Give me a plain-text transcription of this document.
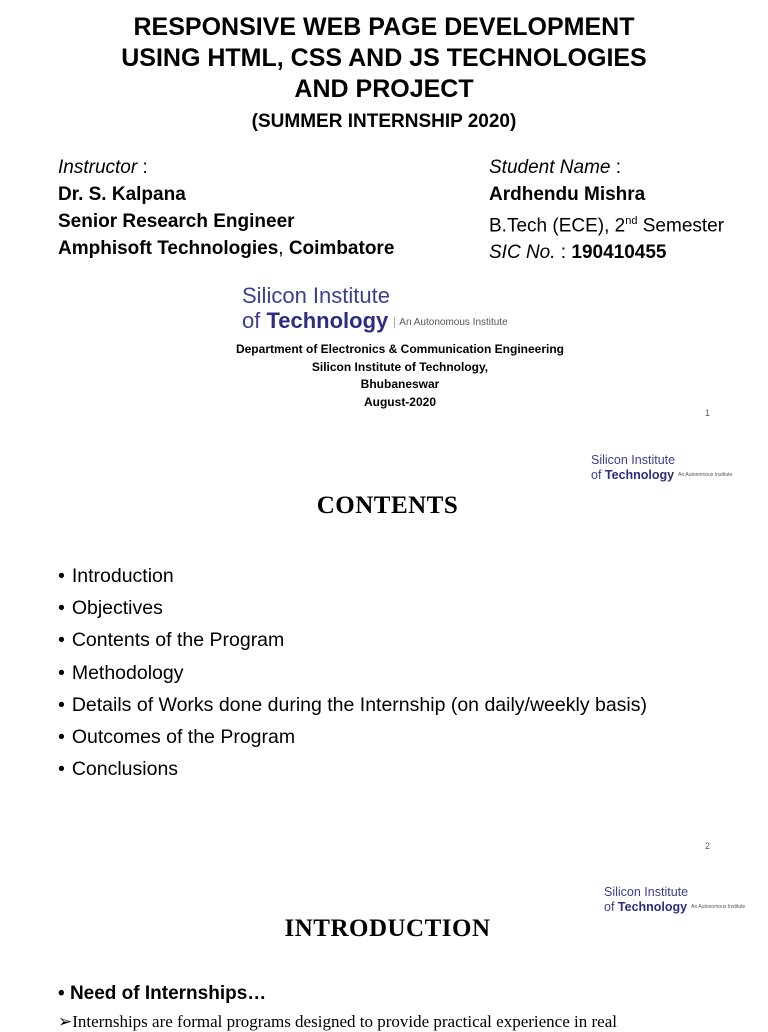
RESPONSIVE WEB PAGE DEVELOPMENT
USING HTML, CSS AND JS TECHNOLOGIES
AND PROJECT
(SUMMER INTERNSHIP 2020)
Instructor :
Dr. S. Kalpana
Senior Research Engineer
Amphisoft Technologies, Coimbatore
Student Name :
Ardhendu Mishra
B.Tech (ECE), 2nd Semester
SIC No. : 190410455
Silicon Institute
of Technology An Autonomous Institute
Department of Electronics & Communication Engineering
Silicon Institute of Technology,
Bhubaneswar
August-2020
1
Silicon Institute
of Technology An Autonomous Institute
CONTENTS
• Introduction
• Objectives
• Contents of the Program
• Methodology
• Details of Works done during the Internship (on daily/weekly basis)
• Outcomes of the Program
• Conclusions
2
Silicon Institute
of Technology An Autonomous Institute
INTRODUCTION
• Need of Internships…
➢Internships are formal programs designed to provide practical experience in real
